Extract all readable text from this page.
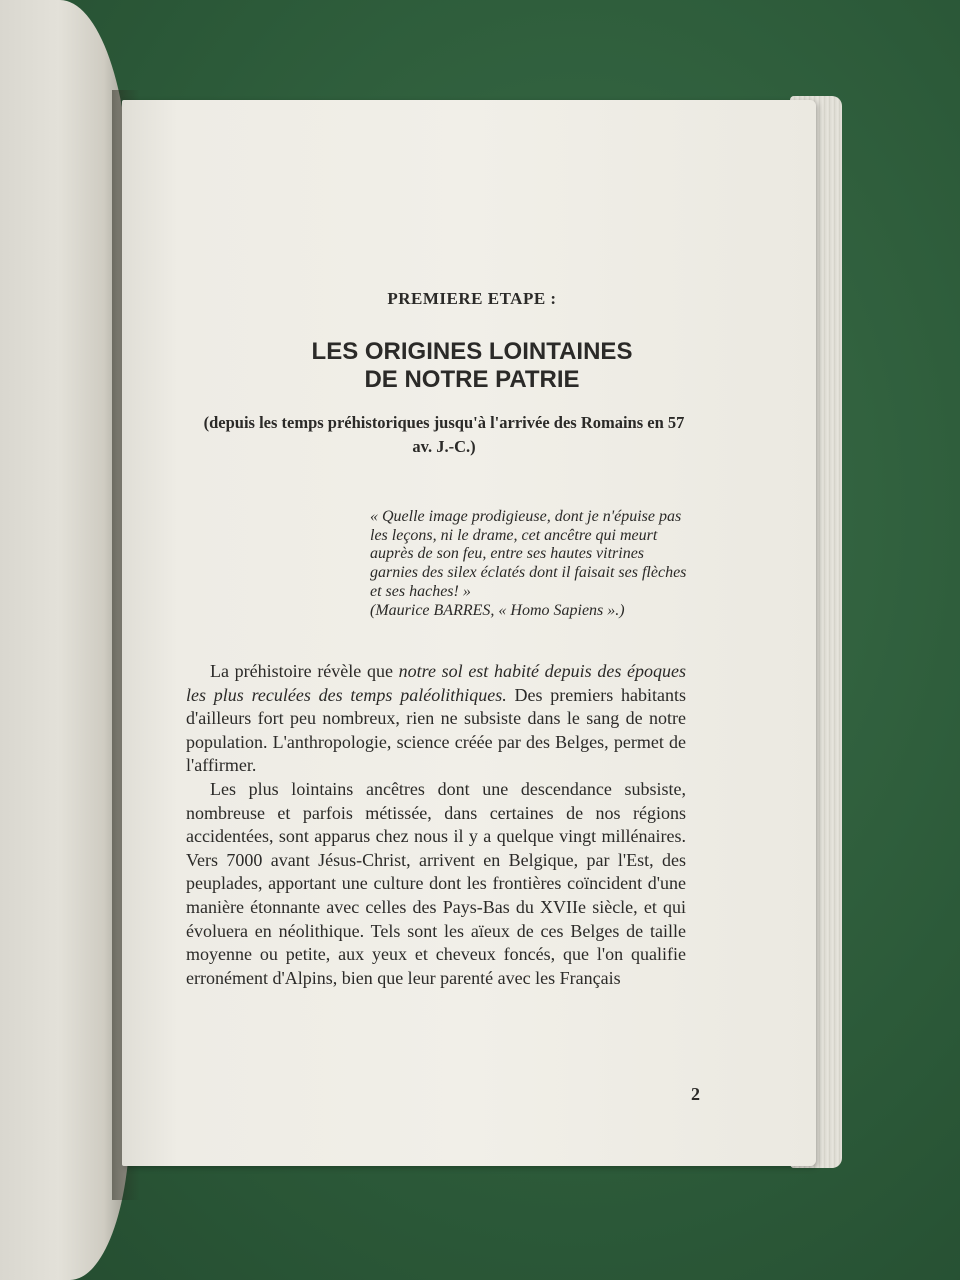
PREMIERE ETAPE :
LES ORIGINES LOINTAINES
DE NOTRE PATRIE
(depuis les temps préhistoriques jusqu'à l'arrivée des Romains en 57 av. J.-C.)
« Quelle image prodigieuse, dont je n'épuise pas les leçons, ni le drame, cet ancêtre qui meurt auprès de son feu, entre ses hautes vitrines garnies des silex éclatés dont il faisait ses flèches et ses haches! »
(Maurice BARRES, « Homo Sapiens ».)

La préhistoire révèle que notre sol est habité depuis des époques les plus reculées des temps paléolithiques. Des premiers habitants d'ailleurs fort peu nombreux, rien ne subsiste dans le sang de notre population. L'anthropologie, science créée par des Belges, permet de l'affirmer.

Les plus lointains ancêtres dont une descendance subsiste, nombreuse et parfois métissée, dans certaines de nos régions accidentées, sont apparus chez nous il y a quelque vingt millénaires. Vers 7000 avant Jésus-Christ, arrivent en Belgique, par l'Est, des peuplades, apportant une culture dont les frontières coïncident d'une manière étonnante avec celles des Pays-Bas du XVIIe siècle, et qui évoluera en néolithique. Tels sont les aïeux de ces Belges de taille moyenne ou petite, aux yeux et cheveux foncés, que l'on qualifie erronément d'Alpins, bien que leur parenté avec les Français

2
